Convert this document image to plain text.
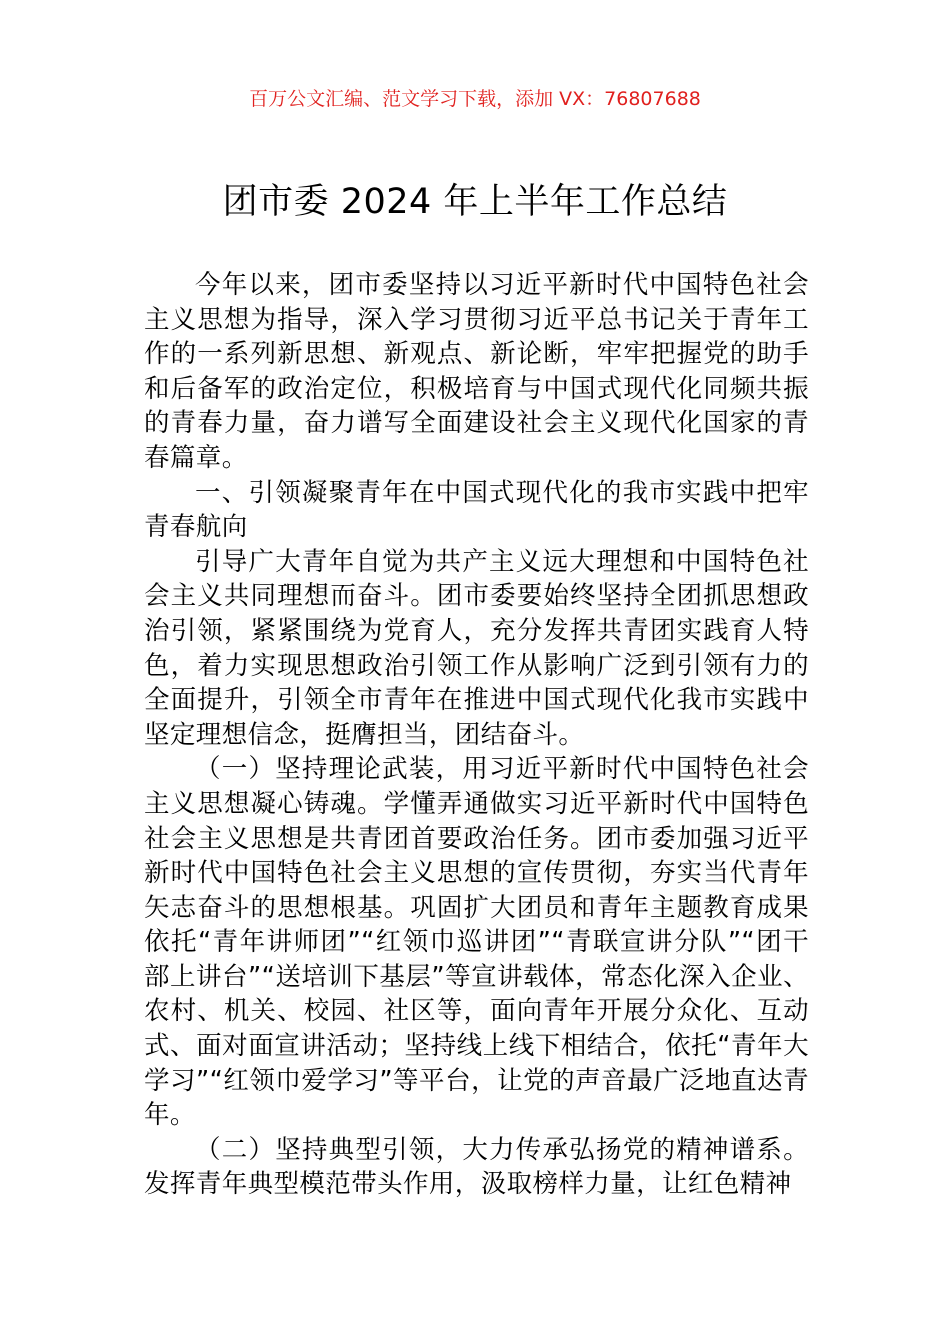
百万公文汇编、范文学习下载，添加 VX：76807688
团市委 2024 年上半年工作总结

今年以来，团市委坚持以习近平新时代中国特色社会主义思想为指导，深入学习贯彻习近平总书记关于青年工作的一系列新思想、新观点、新论断，牢牢把握党的助手和后备军的政治定位，积极培育与中国式现代化同频共振的青春力量，奋力谱写全面建设社会主义现代化国家的青春篇章。

一、引领凝聚青年在中国式现代化的我市实践中把牢青春航向

引导广大青年自觉为共产主义远大理想和中国特色社会主义共同理想而奋斗。团市委要始终坚持全团抓思想政治引领，紧紧围绕为党育人，充分发挥共青团实践育人特色，着力实现思想政治引领工作从影响广泛到引领有力的全面提升，引领全市青年在推进中国式现代化我市实践中坚定理想信念，挺膺担当，团结奋斗。

（一）坚持理论武装，用习近平新时代中国特色社会主义思想凝心铸魂。学懂弄通做实习近平新时代中国特色社会主义思想是共青团首要政治任务。团市委加强习近平新时代中国特色社会主义思想的宣传贯彻，夯实当代青年矢志奋斗的思想根基。巩固扩大团员和青年主题教育成果依托“青年讲师团”“红领巾巡讲团”“青联宣讲分队”“团干部上讲台”“送培训下基层”等宣讲载体，常态化深入企业、农村、机关、校园、社区等，面向青年开展分众化、互动式、面对面宣讲活动；坚持线上线下相结合，依托“青年大学习”“红领巾爱学习”等平台，让党的声音最广泛地直达青年。

（二）坚持典型引领，大力传承弘扬党的精神谱系。发挥青年典型模范带头作用，汲取榜样力量，让红色精神
